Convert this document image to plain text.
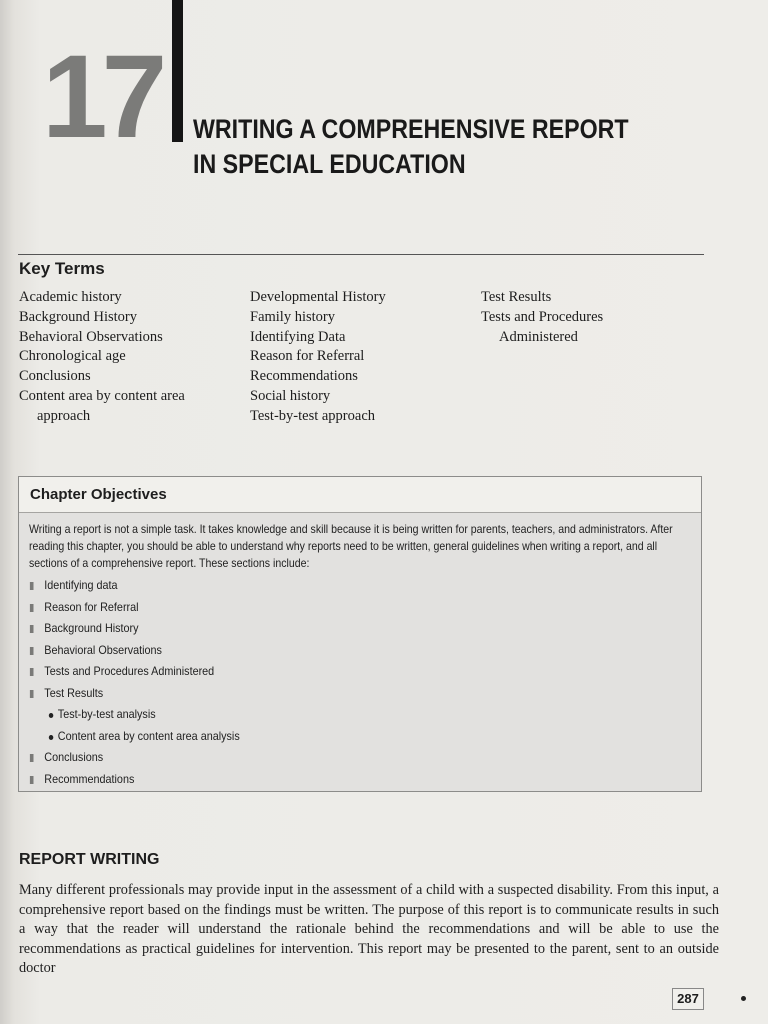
17 WRITING A COMPREHENSIVE REPORT
IN SPECIAL EDUCATION
Key Terms
Academic history
Background History
Behavioral Observations
Chronological age
Conclusions
Content area by content area
approach
Developmental History
Family history
Identifying Data
Reason for Referral
Recommendations
Social history
Test-by-test approach
Test Results
Tests and Procedures
Administered
Chapter Objectives
Writing a report is not a simple task. It takes knowledge and skill because it is being written for parents, teachers, and administrators. After reading this chapter, you should be able to understand why reports need to be written, general guidelines when writing a report, and all sections of a comprehensive report. These sections include:
Identifying data
Reason for Referral
Background History
Behavioral Observations
Tests and Procedures Administered
Test Results
Test-by-test analysis
Content area by content area analysis
Conclusions
Recommendations
REPORT WRITING
Many different professionals may provide input in the assessment of a child with a suspected disability. From this input, a comprehensive report based on the findings must be written. The purpose of this report is to communicate results in such a way that the reader will understand the rationale behind the recommendations and will be able to use the recommendations as practical guidelines for intervention. This report may be presented to the parent, sent to an outside doctor
287
